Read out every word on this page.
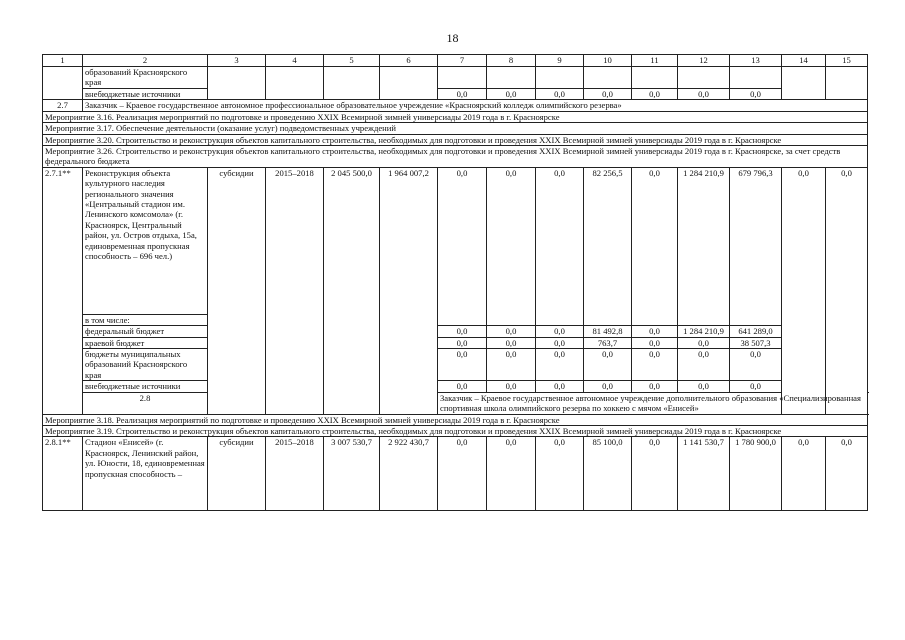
18
1	2	3	4	5	6	7	8	9	10	11	12	13	14	15
	образований Красноярского края													
	внебюджетные источники					0,0	0,0	0,0	0,0	0,0	0,0	0,0		
2.7	Заказчик – Краевое государственное автономное профессиональное образовательное учреждение «Красноярский колледж олимпийского резерва»													
Мероприятие 3.16. Реализация мероприятий по подготовке и проведению XXIX Всемирной зимней универсиады 2019 года в г. Красноярске														
Мероприятие 3.17. Обеспечение деятельности (оказание услуг) подведомственных учреждений														
Мероприятие 3.20. Строительство и реконструкция объектов капитального строительства, необходимых для подготовки и проведения XXIX Всемирной зимней универсиады 2019 года в г. Красноярске														
Мероприятие 3.26. Строительство и реконструкция объектов капитального строительства, необходимых для подготовки и проведения XXIX Всемирной зимней универсиады 2019 года в г. Красноярске, за счет средств федерального бюджета														
2.7.1**	Реконструкция объекта культурного наследия регионального значения «Центральный стадион им. Ленинского комсомола» (г. Красноярск, Центральный район, ул. Остров отдыха, 15а, единовременная пропускная способность – 696 чел.)	субсидии	2015–2018	2 045 500,0	1 964 007,2	0,0	0,0	0,0	82 256,5	0,0	1 284 210,9	679 796,3	0,0	0,0
	в том числе:													
	федеральный бюджет					0,0	0,0	0,0	81 492,8	0,0	1 284 210,9	641 289,0		
	краевой бюджет					0,0	0,0	0,0	763,7	0,0	0,0	38 507,3		
	бюджеты муниципальных образований Красноярского края					0,0	0,0	0,0	0,0	0,0	0,0	0,0		
	внебюджетные источники					0,0	0,0	0,0	0,0	0,0	0,0	0,0		
	2.8					Заказчик – Краевое государственное автономное учреждение дополнительного образования «Специализированная спортивная школа олимпийского резерва по хоккею с мячом «Енисей»								
Мероприятие 3.18. Реализация мероприятий по подготовке и проведению XXIX Всемирной зимней универсиады 2019 года в г. Красноярске														
Мероприятие 3.19. Строительство и реконструкция объектов капитального строительства, необходимых для подготовки и проведения XXIX Всемирной зимней универсиады 2019 года в г. Красноярске														
2.8.1**	Стадион «Енисей» (г. Красноярск, Ленинский район, ул. Юности, 18, единовременная пропускная способность –	субсидии	2015–2018	3 007 530,7	2 922 430,7	0,0	0,0	0,0	85 100,0	0,0	1 141 530,7	1 780 900,0	0,0	0,0
